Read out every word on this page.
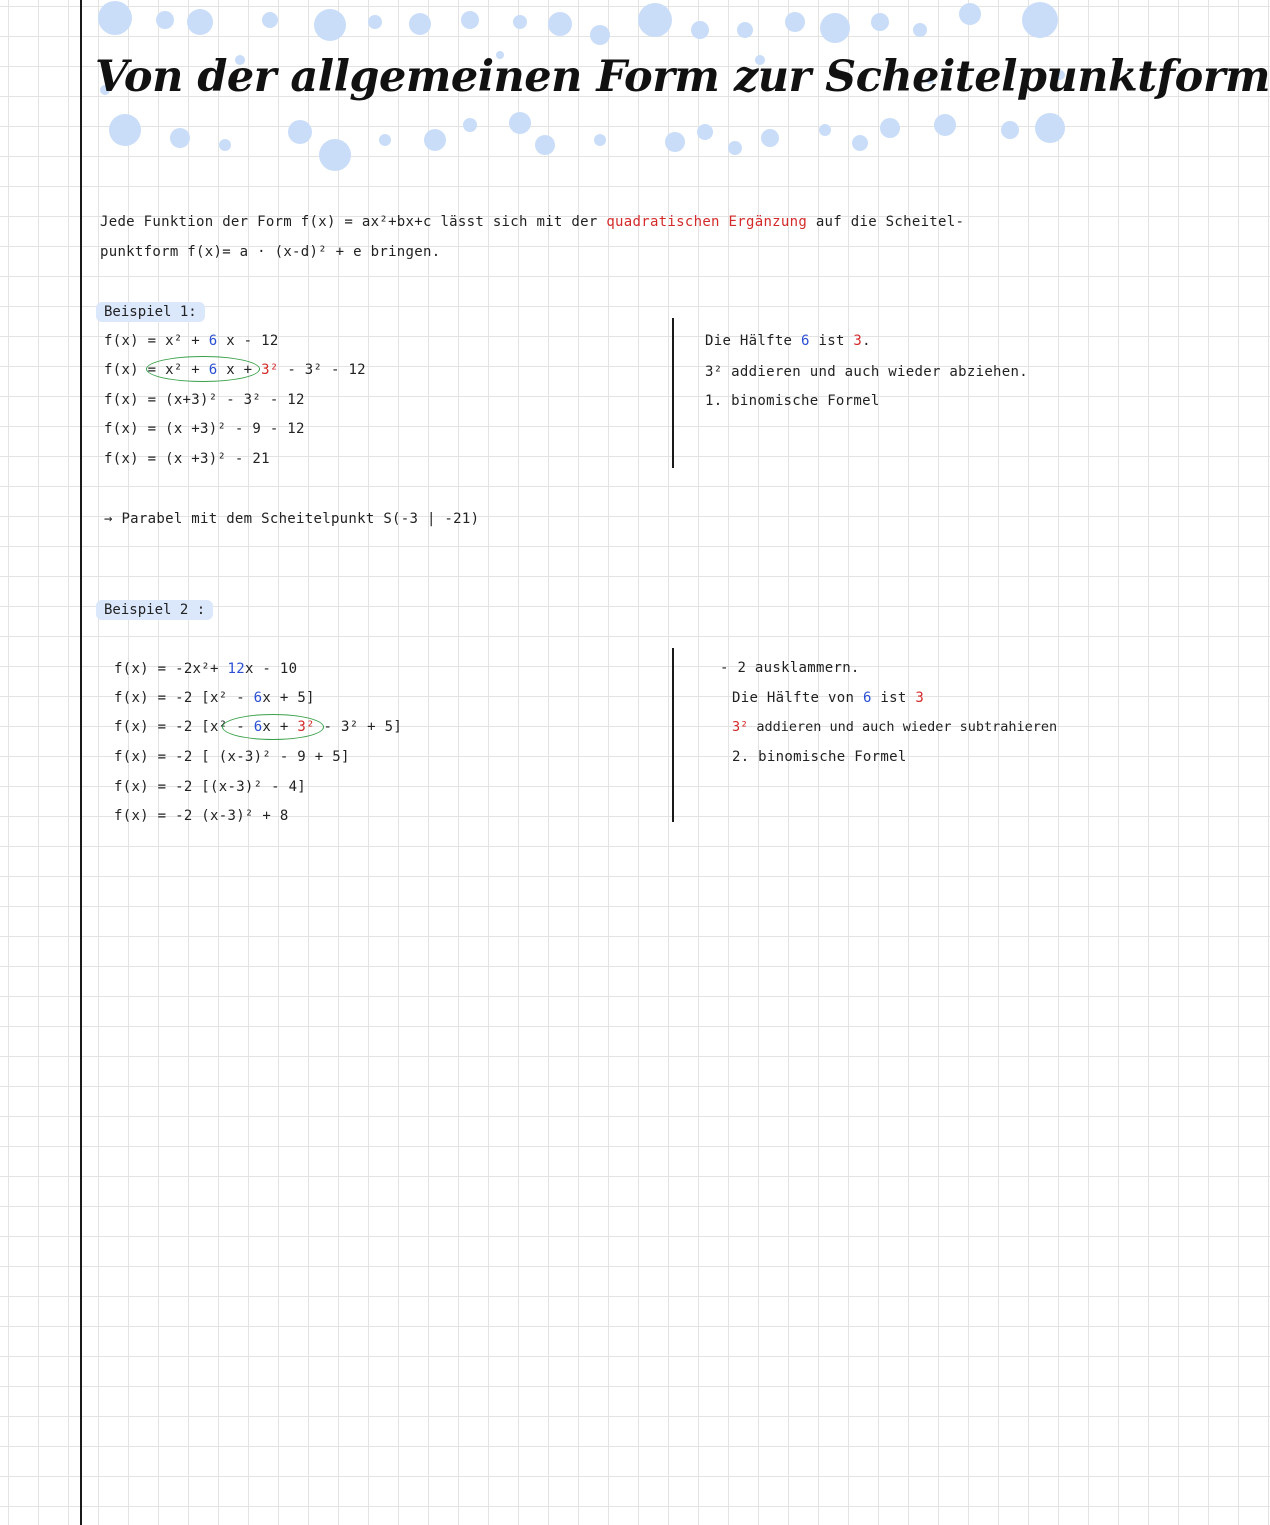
Von der allgemeinen Form zur Scheitelpunktform
Jede Funktion der Form f(x) = ax²+bx+c lässt sich mit der quadratischen Ergänzung auf die Scheitel-
punktform f(x)= a · (x-d)² + e bringen.
Beispiel 1:
f(x) = x² + 6 x - 12
f(x) = x² + 6 x + 3² - 3² - 12
f(x) = (x+3)² - 3² - 12
f(x) = (x +3)² - 9 - 12
f(x) = (x +3)² - 21
Die Hälfte 6 ist 3.
3² addieren und auch wieder abziehen.
1. binomische Formel
→ Parabel mit dem Scheitelpunkt S(-3 | -21)
Beispiel 2 :
f(x) = -2x²+ 12x - 10
f(x) = -2 [x² - 6x + 5]
f(x) = -2 [x² - 6x + 3² - 3² + 5]
f(x) = -2 [ (x-3)² - 9 + 5]
f(x) = -2 [(x-3)² - 4]
f(x) = -2 (x-3)² + 8
- 2 ausklammern.
Die Hälfte von 6 ist 3
3² addieren und auch wieder subtrahieren
2. binomische Formel
